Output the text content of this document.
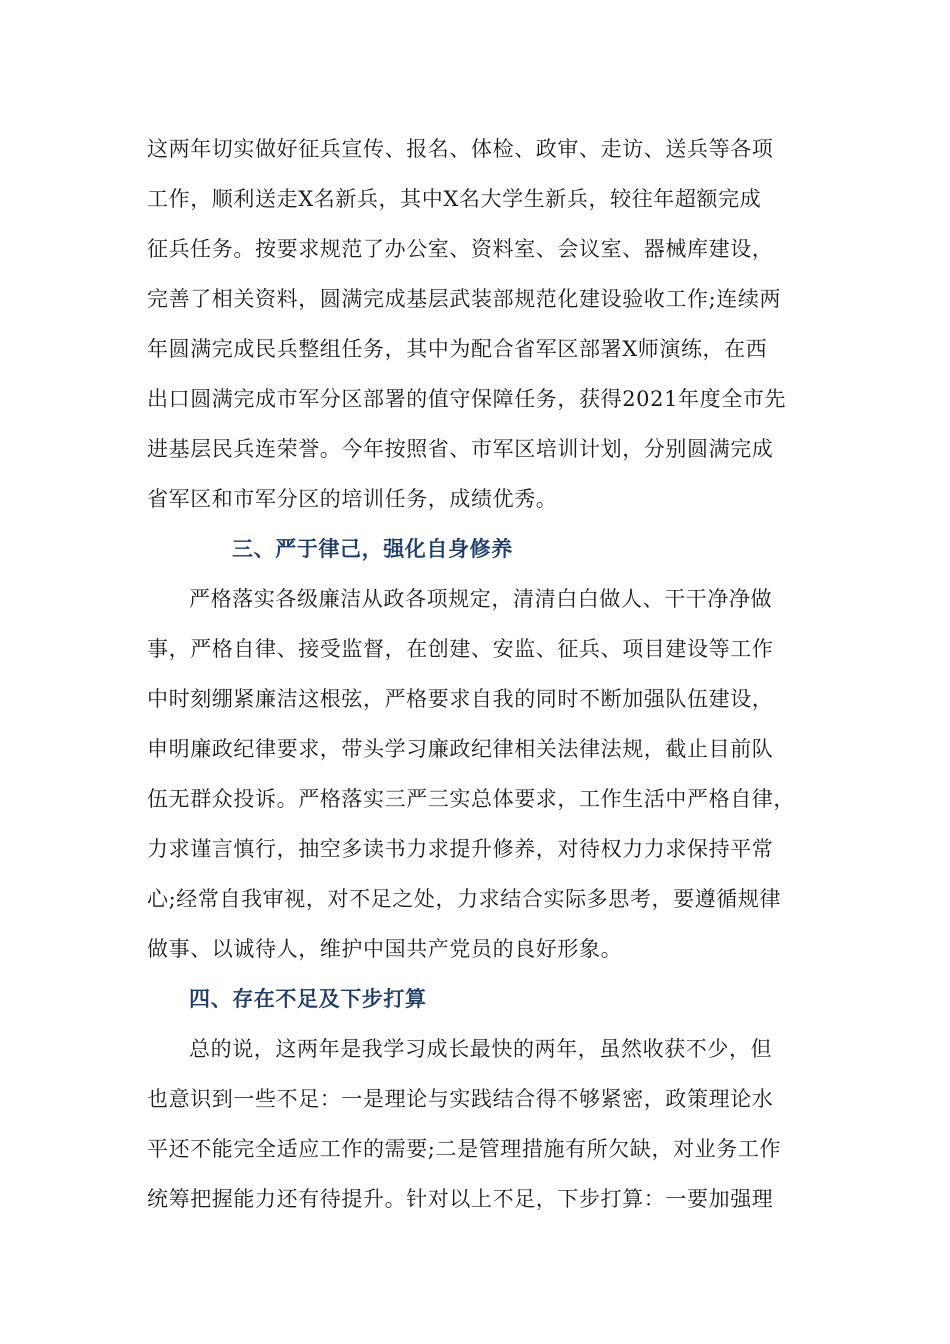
这两年切实做好征兵宣传、报名、体检、政审、走访、送兵等各项
工作，顺利送走X名新兵，其中X名大学生新兵，较往年超额完成
征兵任务。按要求规范了办公室、资料室、会议室、器械库建设，
完善了相关资料，圆满完成基层武装部规范化建设验收工作;连续两
年圆满完成民兵整组任务，其中为配合省军区部署X师演练，在西
出口圆满完成市军分区部署的值守保障任务，获得2021年度全市先
进基层民兵连荣誉。今年按照省、市军区培训计划，分别圆满完成
省军区和市军分区的培训任务，成绩优秀。
三、严于律己，强化自身修养
严格落实各级廉洁从政各项规定，清清白白做人、干干净净做
事，严格自律、接受监督，在创建、安监、征兵、项目建设等工作
中时刻绷紧廉洁这根弦，严格要求自我的同时不断加强队伍建设，
申明廉政纪律要求，带头学习廉政纪律相关法律法规，截止目前队
伍无群众投诉。严格落实三严三实总体要求，工作生活中严格自律，
力求谨言慎行，抽空多读书力求提升修养，对待权力力求保持平常
心;经常自我审视，对不足之处，力求结合实际多思考，要遵循规律
做事、以诚待人，维护中国共产党员的良好形象。
四、存在不足及下步打算
总的说，这两年是我学习成长最快的两年，虽然收获不少，但
也意识到一些不足：一是理论与实践结合得不够紧密，政策理论水
平还不能完全适应工作的需要;二是管理措施有所欠缺，对业务工作
统筹把握能力还有待提升。针对以上不足，下步打算：一要加强理
